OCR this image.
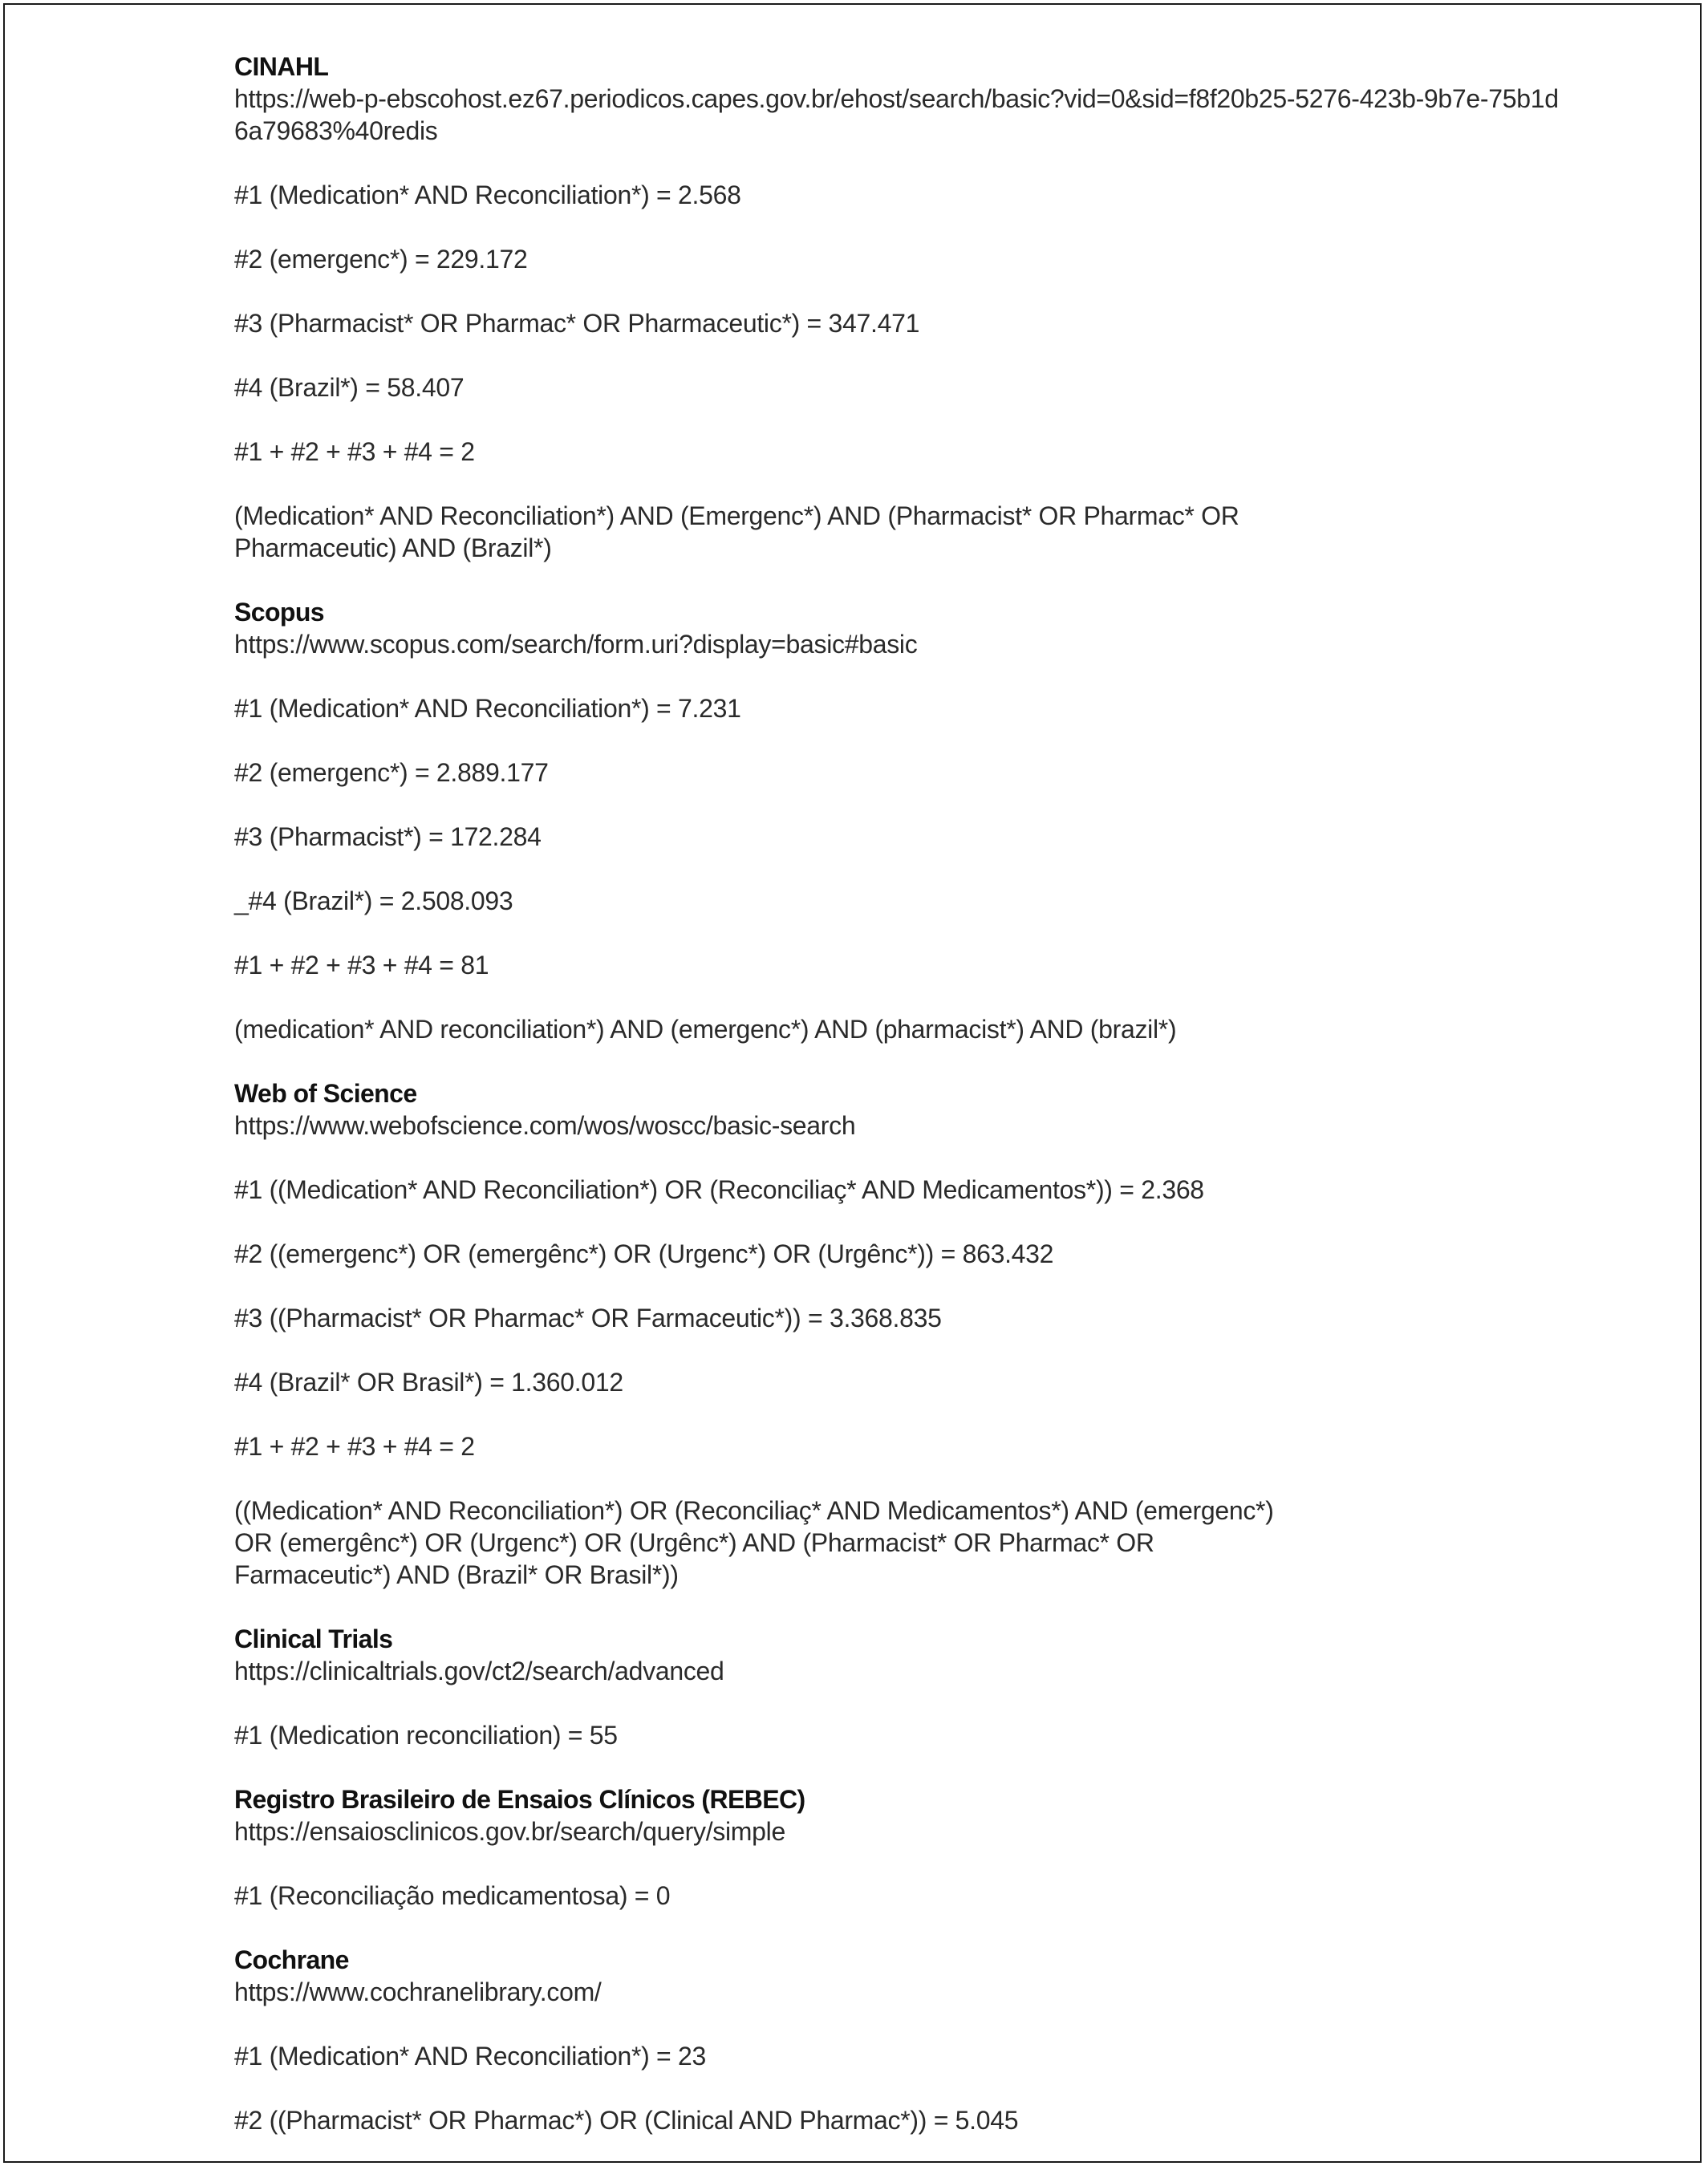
CINAHL

https://web-p-ebscohost.ez67.periodicos.capes.gov.br/ehost/search/basic?vid=0&sid=f8f20b25-5276-423b-9b7e-75b1d6a79683%40redis

#1 (Medication* AND Reconciliation*) = 2.568

#2 (emergenc*) = 229.172

#3 (Pharmacist* OR Pharmac* OR Pharmaceutic*) = 347.471

#4 (Brazil*) = 58.407

#1 + #2 + #3 + #4 = 2

(Medication* AND Reconciliation*) AND (Emergenc*) AND (Pharmacist* OR Pharmac* OR Pharmaceutic) AND (Brazil*)

Scopus

https://www.scopus.com/search/form.uri?display=basic#basic

#1 (Medication* AND Reconciliation*) = 7.231

#2 (emergenc*) = 2.889.177

#3 (Pharmacist*) = 172.284

_#4 (Brazil*) = 2.508.093

#1 + #2 + #3 + #4 = 81

(medication* AND reconciliation*) AND (emergenc*) AND (pharmacist*) AND (brazil*)

Web of Science

https://www.webofscience.com/wos/woscc/basic-search

#1 ((Medication* AND Reconciliation*) OR (Reconciliaç* AND Medicamentos*)) = 2.368

#2 ((emergenc*) OR (emergênc*) OR (Urgenc*) OR (Urgênc*)) = 863.432

#3 ((Pharmacist* OR Pharmac* OR Farmaceutic*)) = 3.368.835

#4 (Brazil* OR Brasil*) = 1.360.012

#1 + #2 + #3 + #4 = 2

((Medication* AND Reconciliation*) OR (Reconciliaç* AND Medicamentos*) AND (emergenc*) OR (emergênc*) OR (Urgenc*) OR (Urgênc*) AND (Pharmacist* OR Pharmac* OR Farmaceutic*) AND (Brazil* OR Brasil*))

Clinical Trials

https://clinicaltrials.gov/ct2/search/advanced

#1 (Medication reconciliation) = 55

Registro Brasileiro de Ensaios Clínicos (REBEC)

https://ensaiosclinicos.gov.br/search/query/simple

#1 (Reconciliação medicamentosa) = 0

Cochrane

https://www.cochranelibrary.com/

#1 (Medication* AND Reconciliation*) = 23

#2 ((Pharmacist* OR Pharmac*) OR (Clinical AND Pharmac*)) = 5.045
